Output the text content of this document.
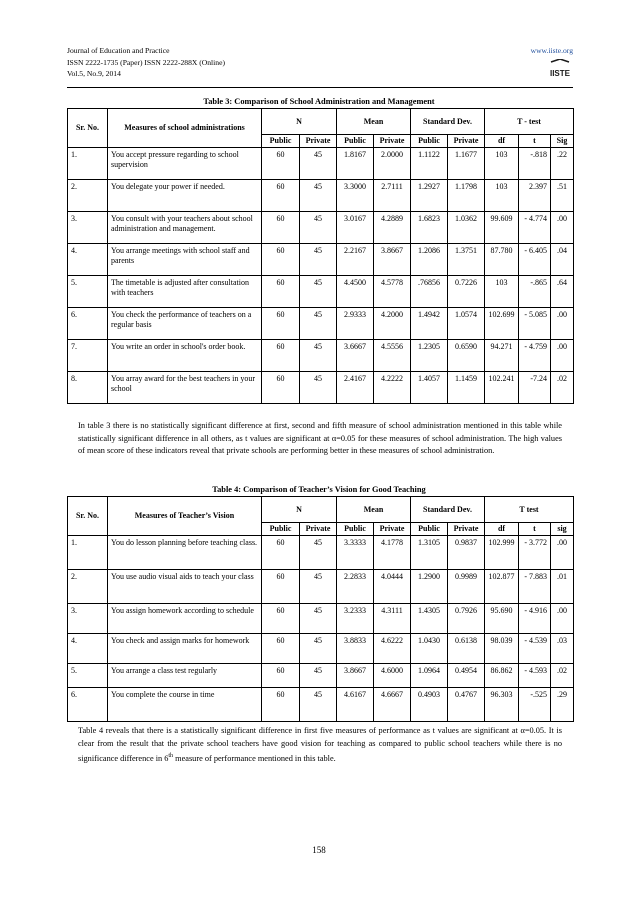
Journal of Education and Practice
ISSN 2222-1735 (Paper) ISSN 2222-288X (Online)
Vol.5, No.9, 2014
www.iiste.org
IISTE
Table 3: Comparison of School Administration and Management
Sr. No.	Measures of school administrations	N		Mean		Standard Dev.		T - test		
		Public	Private	Public	Private	Public	Private	df	t	Sig
1.	You accept pressure regarding to school supervision	60	45	1.8167	2.0000	1.1122	1.1677	103	-.818	.22
2.	You delegate your power if needed.	60	45	3.3000	2.7111	1.2927	1.1798	103	2.397	.51
3.	You consult with your teachers about school administration and management.	60	45	3.0167	4.2889	1.6823	1.0362	99.609	- 4.774	.00
4.	You arrange meetings with school staff and parents	60	45	2.2167	3.8667	1.2086	1.3751	87.780	- 6.405	.04
5.	The timetable is adjusted after consultation with teachers	60	45	4.4500	4.5778	.76856	0.7226	103	-.865	.64
6.	You check the performance of teachers on a regular basis	60	45	2.9333	4.2000	1.4942	1.0574	102.699	- 5.085	.00
7.	You write an order in school's order book.	60	45	3.6667	4.5556	1.2305	0.6590	94.271	- 4.759	.00
8.	You array award for the best teachers in your school	60	45	2.4167	4.2222	1.4057	1.1459	102.241	-7.24	.02
In table 3 there is no statistically significant difference at first, second and fifth measure of school administration mentioned in this table while statistically significant difference in all others, as t values are significant at α=0.05 for these measures of school administration. The high values of mean score of these indicators reveal that private schools are performing better in these measures of school administration.
Table 4: Comparison of Teacher’s Vision for Good Teaching
Sr. No.	Measures of Teacher’s Vision	N		Mean		Standard Dev.		T test		
		Public	Private	Public	Private	Public	Private	df	t	sig
1.	You do lesson planning before teaching class.	60	45	3.3333	4.1778	1.3105	0.9837	102.999	- 3.772	.00
2.	You use audio visual aids to teach your class	60	45	2.2833	4.0444	1.2900	0.9989	102.877	- 7.883	.01
3.	You assign homework according to schedule	60	45	3.2333	4.3111	1.4305	0.7926	95.690	- 4.916	.00
4.	You check and assign marks for homework	60	45	3.8833	4.6222	1.0430	0.6138	98.039	- 4.539	.03
5.	You arrange a class test regularly	60	45	3.8667	4.6000	1.0964	0.4954	86.862	- 4.593	.02
6.	You complete the course in time	60	45	4.6167	4.6667	0.4903	0.4767	96.303	-.525	.29
Table 4 reveals that there is a statistically significant difference in first five measures of performance as t values are significant at α=0.05. It is clear from the result that the private school teachers have good vision for teaching as compared to public school teachers while there is no significance difference in 6th measure of performance mentioned in this table.
158
